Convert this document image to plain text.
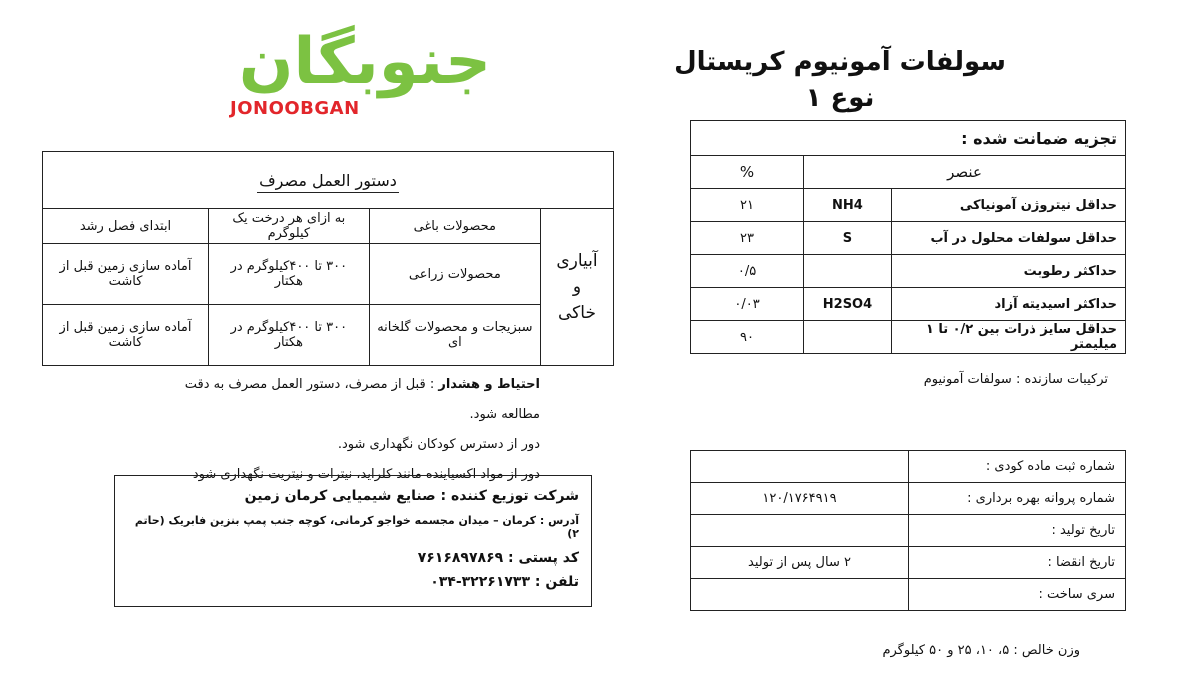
جنوبگان
JONOOBGAN
سولفات آمونیوم کریستال
نوع ۱
تجزیه ضمانت شده :		
عنصر		%
حداقل نیتروژن آمونیاکی	NH4	۲۱
حداقل سولفات محلول در آب	S	۲۳
حداکثر رطوبت		۰/۵
حداکثر اسیدیته آزاد	H2SO4	۰/۰۳
حداقل سایز ذرات بین ۰/۲ تا ۱ میلیمتر		۹۰
ترکیبات سازنده : سولفات آمونیوم
شماره ثبت ماده کودی :	
شماره پروانه بهره برداری :	۱۲۰/۱۷۶۴۹۱۹
تاریخ تولید :	
تاریخ انقضا :	۲ سال پس از تولید
سری ساخت :	
وزن خالص : ۵، ۱۰، ۲۵ و ۵۰ کیلوگرم
دستور العمل مصرف			

آبیاری
و
خاکی	محصولات باغی	به ازای هر درخت یک کیلوگرم	ابتدای فصل رشد
	محصولات زراعی	۳۰۰ تا ۴۰۰کیلوگرم در هکتار	آماده سازی زمین قبل از کاشت
	سبزیجات و محصولات گلخانه ای	۳۰۰ تا ۴۰۰کیلوگرم در هکتار	آماده سازی زمین قبل از کاشت
احتیاط و هشدار : قبل از مصرف، دستور العمل مصرف به دقت مطالعه شود.
دور از دسترس کودکان نگهداری شود.
دور از مواد اکسیاینده مانند کلراید، نیترات و نیتریت نگهداری شود
شرکت توزیع کننده : صنایع شیمیایی کرمان زمین
آدرس : کرمان – میدان مجسمه خواجو کرمانی، کوچه جنب پمپ بنزین فابریک (حاتم ۲)
کد پستی : ۷۶۱۶۸۹۷۸۶۹
تلفن : ۳۲۲۶۱۷۳۳-۰۳۴
